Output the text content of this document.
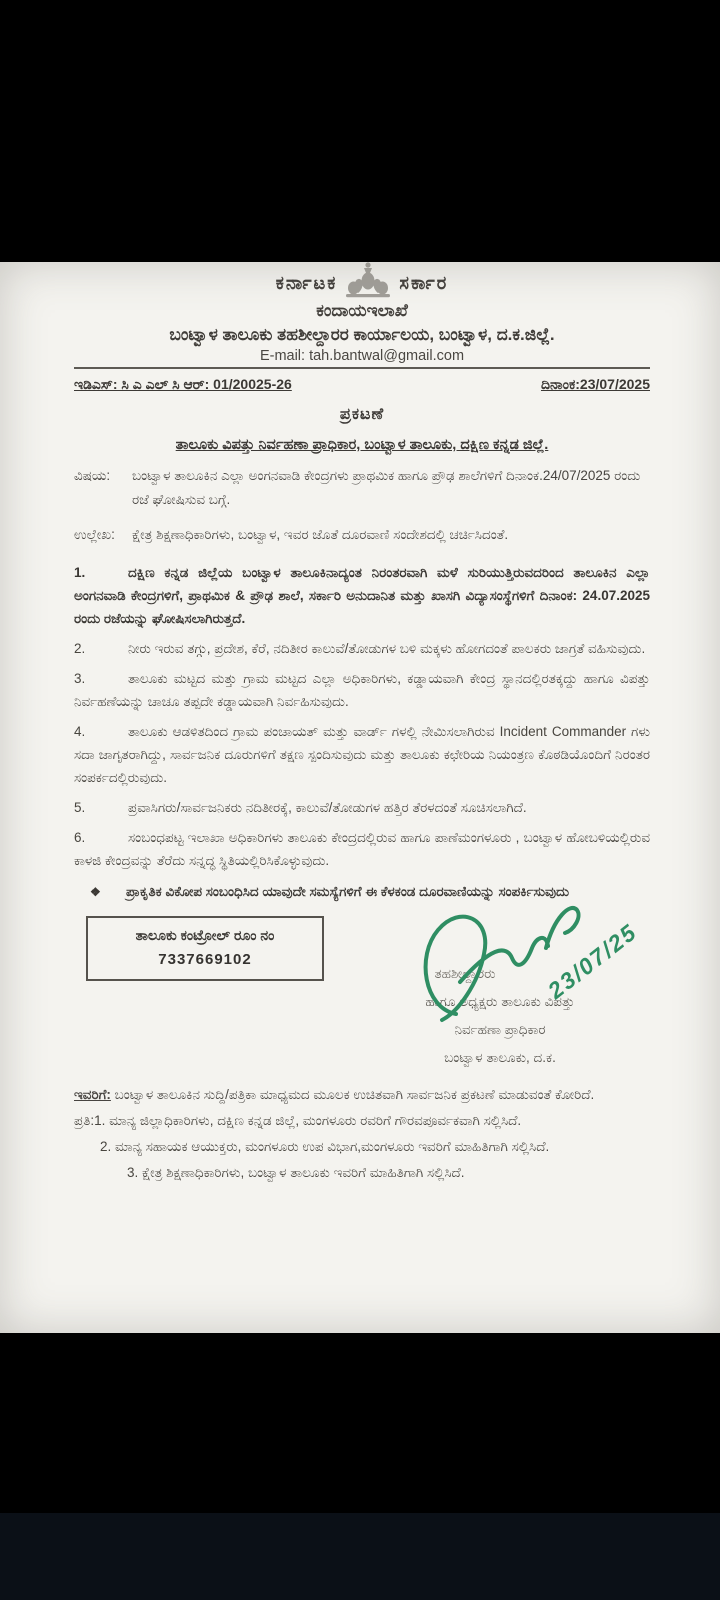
ಕರ್ನಾಟಕ	ಸರ್ಕಾರ
ಕಂದಾಯಇಲಾಖೆ
ಬಂಟ್ವಾಳ ತಾಲೂಕು ತಹಶೀಲ್ದಾರರ ಕಾರ್ಯಾಲಯ, ಬಂಟ್ವಾಳ, ದ.ಕ.ಜಿಲ್ಲೆ.
E-mail: tah.bantwal@gmail.com
ಇಡಿಎಸ್: ಸಿ ಎ ಎಲ್ ಸಿ ಆರ್: 01/20025-26	ದಿನಾಂಕ:23/07/2025
ಪ್ರಕಟಣೆ
ತಾಲೂಕು ವಿಪತ್ತು ನಿರ್ವಹಣಾ ಪ್ರಾಧಿಕಾರ, ಬಂಟ್ವಾಳ ತಾಲೂಕು, ದಕ್ಷಿಣ ಕನ್ನಡ ಜಿಲ್ಲೆ.
ವಿಷಯ:	ಬಂಟ್ವಾಳ ತಾಲೂಕಿನ ಎಲ್ಲಾ ಅಂಗನವಾಡಿ ಕೇಂದ್ರಗಳು ಪ್ರಾಥಮಿಕ ಹಾಗೂ ಪ್ರೌಢ ಶಾಲೆಗಳಿಗೆ ದಿನಾಂಕ.24/07/2025 ರಂದು ರಜೆ ಘೋಷಿಸುವ ಬಗ್ಗೆ.
ಉಲ್ಲೇಖ:	ಕ್ಷೇತ್ರ ಶಿಕ್ಷಣಾಧಿಕಾರಿಗಳು, ಬಂಟ್ವಾಳ, ಇವರ ಜೊತೆ ದೂರವಾಣಿ ಸಂದೇಶದಲ್ಲಿ ಚರ್ಚಿಸಿದಂತೆ.

1.	ದಕ್ಷಿಣ ಕನ್ನಡ ಜಿಲ್ಲೆಯ ಬಂಟ್ವಾಳ ತಾಲೂಕಿನಾದ್ಯಂತ ನಿರಂತರವಾಗಿ ಮಳೆ ಸುರಿಯುತ್ತಿರುವದರಿಂದ ತಾಲೂಕಿನ ಎಲ್ಲಾ ಅಂಗನವಾಡಿ ಕೇಂದ್ರಗಳಿಗೆ, ಪ್ರಾಥಮಿಕ & ಪ್ರೌಢ ಶಾಲೆ, ಸರ್ಕಾರಿ ಅನುದಾನಿತ ಮತ್ತು ಖಾಸಗಿ ವಿದ್ಯಾಸಂಸ್ಥೆಗಳಿಗೆ ದಿನಾಂಕ: 24.07.2025 ರಂದು ರಜೆಯನ್ನು ಘೋಷಿಸಲಾಗಿರುತ್ತದೆ.

2.	ನೀರು ಇರುವ ತಗ್ಗು, ಪ್ರದೇಶ, ಕೆರೆ, ನದಿತೀರ ಕಾಲುವೆ/ತೋಡುಗಳ ಬಳಿ ಮಕ್ಕಳು ಹೋಗದಂತೆ ಪಾಲಕರು ಜಾಗ್ರತೆ ವಹಿಸುವುದು.

3.	ತಾಲೂಕು ಮಟ್ಟದ ಮತ್ತು ಗ್ರಾಮ ಮಟ್ಟದ ಎಲ್ಲಾ ಅಧಿಕಾರಿಗಳು, ಕಡ್ಡಾಯವಾಗಿ ಕೇಂದ್ರ ಸ್ಥಾನದಲ್ಲಿರತಕ್ಕದ್ದು ಹಾಗೂ ವಿಪತ್ತು ನಿರ್ವಹಣೆಯನ್ನು ಚಾಚೂ ತಪ್ಪದೇ ಕಡ್ಡಾಯವಾಗಿ ನಿರ್ವಹಿಸುವುದು.

4.	ತಾಲೂಕು ಆಡಳಿತದಿಂದ ಗ್ರಾಮ ಪಂಚಾಯತ್ ಮತ್ತು ವಾರ್ಡ್ ಗಳಲ್ಲಿ ನೇಮಿಸಲಾಗಿರುವ Incident Commander ಗಳು ಸದಾ ಜಾಗೃತರಾಗಿದ್ದು, ಸಾರ್ವಜನಿಕ ದೂರುಗಳಿಗೆ ತಕ್ಷಣ ಸ್ಪಂದಿಸುವುದು ಮತ್ತು ತಾಲೂಕು ಕಛೇರಿಯ ನಿಯಂತ್ರಣ ಕೊಠಡಿಯೊಂದಿಗೆ ನಿರಂತರ ಸಂಪರ್ಕದಲ್ಲಿರುವುದು.

5.	ಪ್ರವಾಸಿಗರು/ಸಾರ್ವಜನಿಕರು ನದಿತೀರಕ್ಕೆ, ಕಾಲುವೆ/ತೋಡುಗಳ ಹತ್ತಿರ ತೆರಳದಂತೆ ಸೂಚಿಸಲಾಗಿದೆ.

6.	ಸಂಬಂಧಪಟ್ಟ ಇಲಾಖಾ ಅಧಿಕಾರಿಗಳು ತಾಲೂಕು ಕೇಂದ್ರದಲ್ಲಿರುವ ಹಾಗೂ ಪಾಣೆಮಂಗಳೂರು , ಬಂಟ್ವಾಳ ಹೋಬಳಿಯಲ್ಲಿರುವ ಕಾಳಜಿ ಕೇಂದ್ರವನ್ನು ತೆರೆದು ಸನ್ನದ್ಧ ಸ್ಥಿತಿಯಲ್ಲಿರಿಸಿಕೊಳ್ಳುವುದು.

❖ ಪ್ರಾಕೃತಿಕ ವಿಕೋಪ ಸಂಬಂಧಿಸಿದ ಯಾವುದೇ ಸಮಸ್ಯೆಗಳಿಗೆ ಈ ಕೆಳಕಂಡ ದೂರವಾಣಿಯನ್ನು ಸಂಪರ್ಕಿಸುವುದು
ತಾಲೂಕು ಕಂಟ್ರೋಲ್ ರೂಂ ನಂ
7337669102	23/07/25
ತಹಶೀಲ್ದಾರರು
ಹಾಗೂ ಅಧ್ಯಕ್ಷರು ತಾಲೂಕು ವಿಪತ್ತು
ನಿರ್ವಹಣಾ ಪ್ರಾಧಿಕಾರ
ಬಂಟ್ವಾಳ ತಾಲೂಕು, ದ.ಕ.

ಇವರಿಗೆ: ಬಂಟ್ವಾಳ ತಾಲೂಕಿನ ಸುದ್ದಿ/ಪತ್ರಿಕಾ ಮಾಧ್ಯಮದ ಮೂಲಕ ಉಚಿತವಾಗಿ ಸಾರ್ವಜನಿಕ ಪ್ರಕಟಣೆ ಮಾಡುವಂತೆ ಕೋರಿದೆ.

ಪ್ರತಿ:1. ಮಾನ್ಯ ಜಿಲ್ಲಾಧಿಕಾರಿಗಳು, ದಕ್ಷಿಣ ಕನ್ನಡ ಜಿಲ್ಲೆ, ಮಂಗಳೂರು ರವರಿಗೆ ಗೌರವಪೂರ್ವಕವಾಗಿ ಸಲ್ಲಿಸಿದೆ.

2. ಮಾನ್ಯ ಸಹಾಯಕ ಆಯುಕ್ತರು, ಮಂಗಳೂರು ಉಪ ವಿಭಾಗ,ಮಂಗಳೂರು ಇವರಿಗೆ ಮಾಹಿತಿಗಾಗಿ ಸಲ್ಲಿಸಿದೆ.

3. ಕ್ಷೇತ್ರ ಶಿಕ್ಷಣಾಧಿಕಾರಿಗಳು, ಬಂಟ್ವಾಳ ತಾಲೂಕು ಇವರಿಗೆ ಮಾಹಿತಿಗಾಗಿ ಸಲ್ಲಿಸಿದೆ.
